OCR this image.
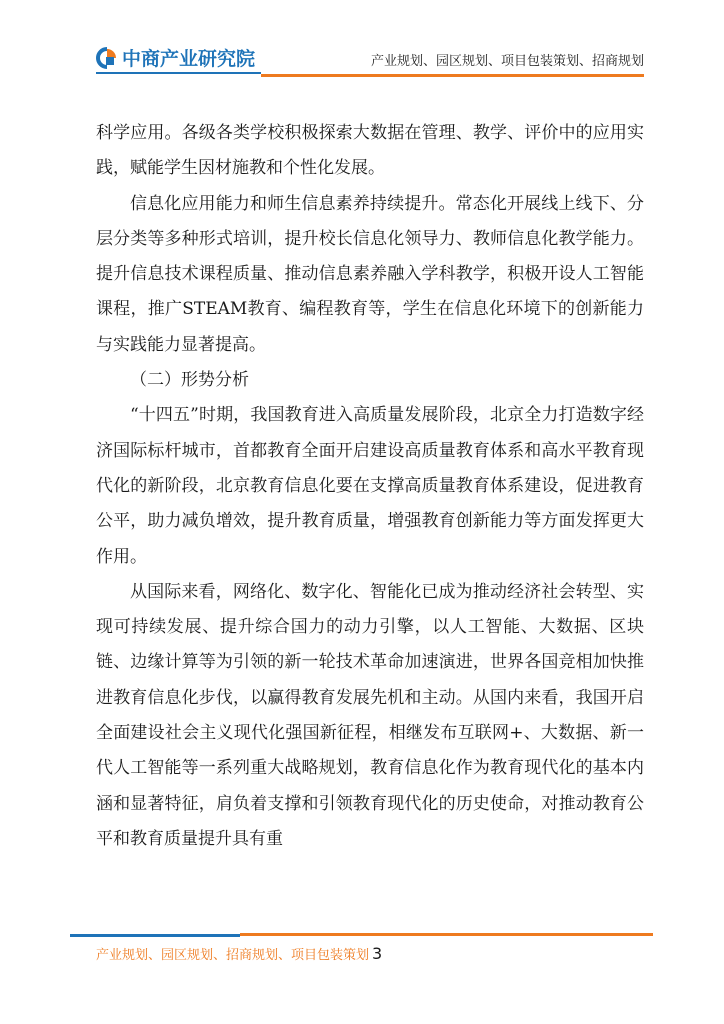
中商产业研究院	产业规划、园区规划、项目包装策划、招商规划

科学应用。各级各类学校积极探索大数据在管理、教学、评价中的应用实践，赋能学生因材施教和个性化发展。

信息化应用能力和师生信息素养持续提升。常态化开展线上线下、分层分类等多种形式培训，提升校长信息化领导力、教师信息化教学能力。提升信息技术课程质量、推动信息素养融入学科教学，积极开设人工智能课程，推广STEAM教育、编程教育等，学生在信息化环境下的创新能力与实践能力显著提高。

（二）形势分析

“十四五”时期，我国教育进入高质量发展阶段，北京全力打造数字经济国际标杆城市，首都教育全面开启建设高质量教育体系和高水平教育现代化的新阶段，北京教育信息化要在支撑高质量教育体系建设，促进教育公平，助力减负增效，提升教育质量，增强教育创新能力等方面发挥更大作用。

从国际来看，网络化、数字化、智能化已成为推动经济社会转型、实现可持续发展、提升综合国力的动力引擎，以人工智能、大数据、区块链、边缘计算等为引领的新一轮技术革命加速演进，世界各国竞相加快推进教育信息化步伐，以赢得教育发展先机和主动。从国内来看，我国开启全面建设社会主义现代化强国新征程，相继发布互联网+、大数据、新一代人工智能等一系列重大战略规划，教育信息化作为教育现代化的基本内涵和显著特征，肩负着支撑和引领教育现代化的历史使命，对推动教育公平和教育质量提升具有重

产业规划、园区规划、招商规划、项目包装策划 3
